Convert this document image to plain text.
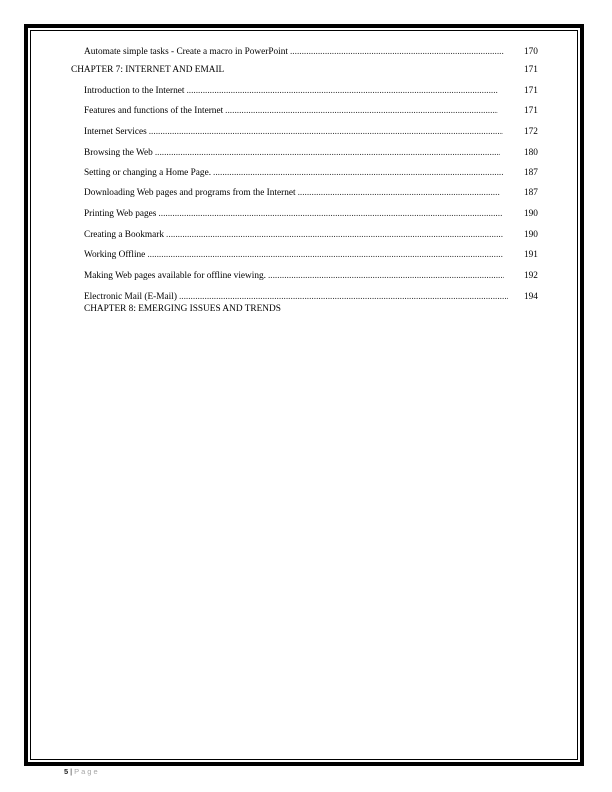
Automate simple tasks - Create a macro in PowerPoint .....	170
CHAPTER 7: INTERNET AND EMAIL	171
Introduction to the Internet .....	171
Features and functions of the Internet .....	171
Internet Services .....	172
Browsing the Web .....	180
Setting or changing a Home Page. .....	187
Downloading Web pages and programs from the Internet .....	187
Printing Web pages .....	190
Creating a Bookmark .....	190
Working Offline .....	191
Making Web pages available for offline viewing. .....	192
Electronic Mail (E-Mail) .....	194
CHAPTER 8: EMERGING ISSUES AND TRENDS
5 | Page
